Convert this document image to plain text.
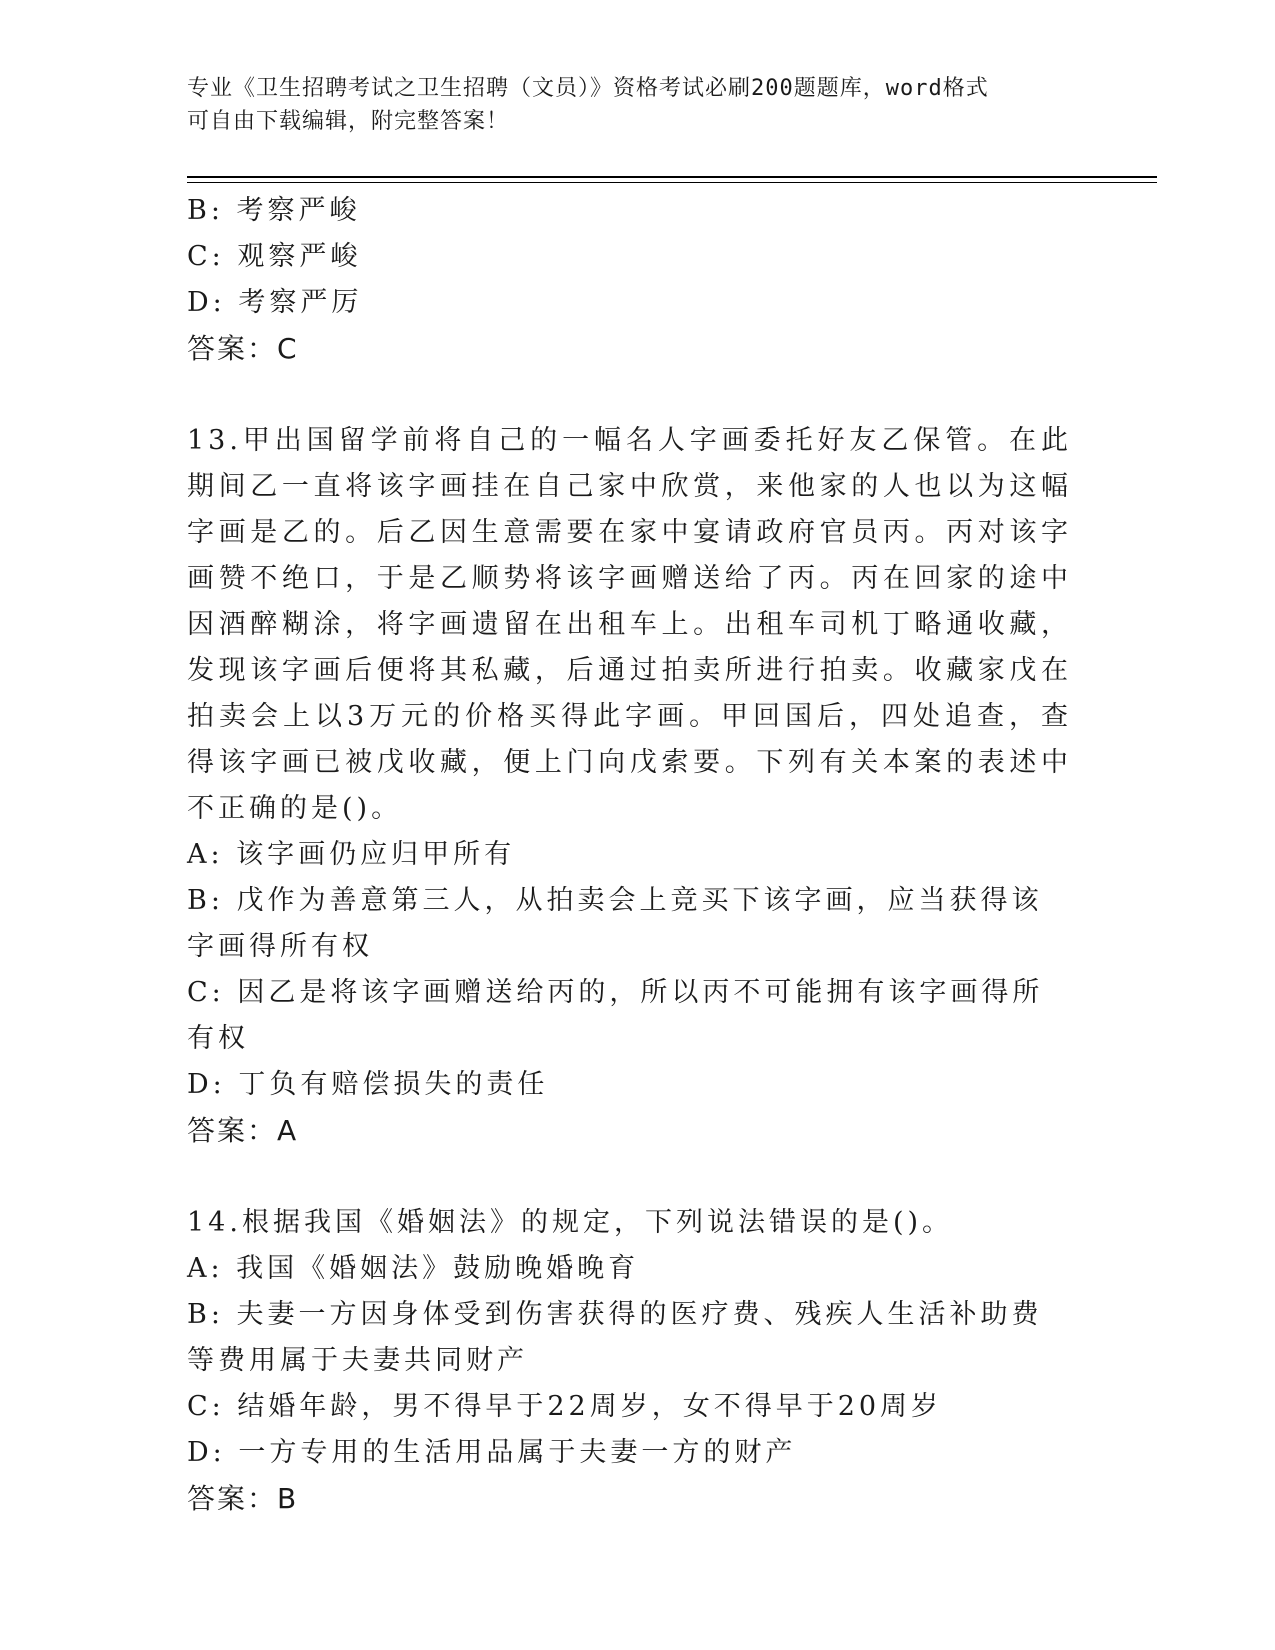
专业《卫生招聘考试之卫生招聘（文员）》资格考试必刷200题题库，word格式
可自由下载编辑，附完整答案！

B: 考察严峻

C: 观察严峻

D: 考察严厉

答案：C

13.甲出国留学前将自己的一幅名人字画委托好友乙保管。在此期间乙一直将该字画挂在自己家中欣赏，来他家的人也以为这幅字画是乙的。后乙因生意需要在家中宴请政府官员丙。丙对该字画赞不绝口，于是乙顺势将该字画赠送给了丙。丙在回家的途中因酒醉糊涂，将字画遗留在出租车上。出租车司机丁略通收藏，发现该字画后便将其私藏，后通过拍卖所进行拍卖。收藏家戊在拍卖会上以3万元的价格买得此字画。甲回国后，四处追查，查得该字画已被戊收藏，便上门向戊索要。下列有关本案的表述中不正确的是()。

A: 该字画仍应归甲所有

B: 戊作为善意第三人，从拍卖会上竞买下该字画，应当获得该字画得所有权

C: 因乙是将该字画赠送给丙的，所以丙不可能拥有该字画得所有权

D: 丁负有赔偿损失的责任

答案：A

14.根据我国《婚姻法》的规定，下列说法错误的是()。

A: 我国《婚姻法》鼓励晚婚晚育

B: 夫妻一方因身体受到伤害获得的医疗费、残疾人生活补助费等费用属于夫妻共同财产

C: 结婚年龄，男不得早于22周岁，女不得早于20周岁

D: 一方专用的生活用品属于夫妻一方的财产

答案：B
